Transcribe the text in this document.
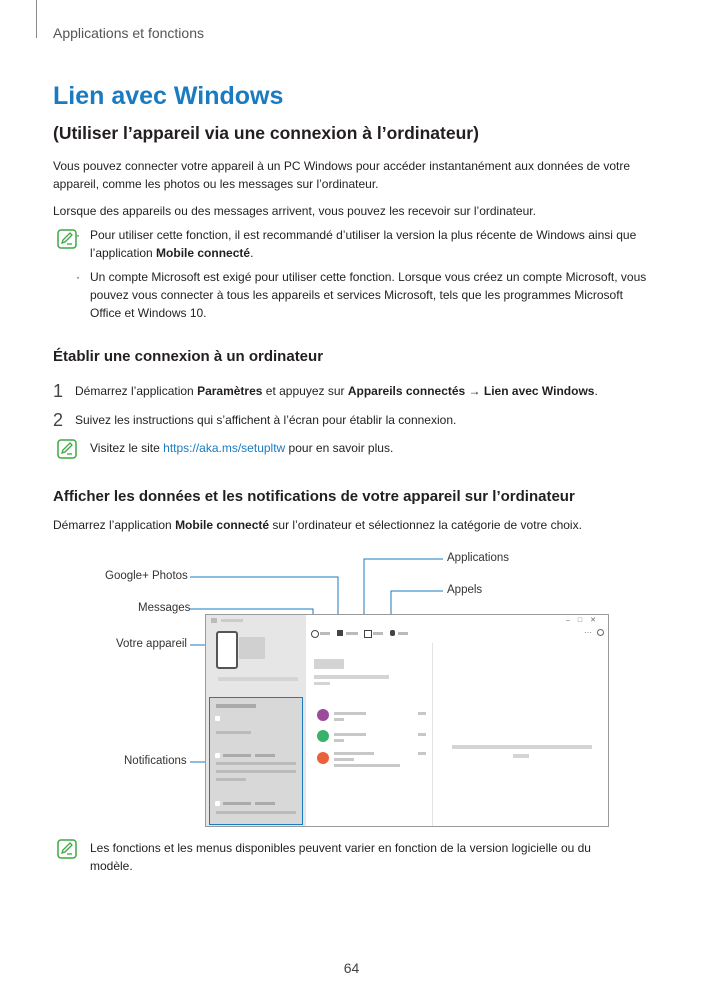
Applications et fonctions
Lien avec Windows
(Utiliser l’appareil via une connexion à l’ordinateur)
Vous pouvez connecter votre appareil à un PC Windows pour accéder instantanément aux données de votre appareil, comme les photos ou les messages sur l’ordinateur.
Lorsque des appareils ou des messages arrivent, vous pouvez les recevoir sur l’ordinateur.
· Pour utiliser cette fonction, il est recommandé d’utiliser la version la plus récente de Windows ainsi que l’application Mobile connecté.
· Un compte Microsoft est exigé pour utiliser cette fonction. Lorsque vous créez un compte Microsoft, vous pouvez vous connecter à tous les appareils et services Microsoft, tels que les programmes Microsoft Office et Windows 10.
Établir une connexion à un ordinateur
1 Démarrez l’application Paramètres et appuyez sur Appareils connectés → Lien avec Windows.
2 Suivez les instructions qui s’affichent à l’écran pour établir la connexion.
Visitez le site https://aka.ms/setupltw pour en savoir plus.
Afficher les données et les notifications de votre appareil sur l’ordinateur
Démarrez l’application Mobile connecté sur l’ordinateur et sélectionnez la catégorie de votre choix.
Applications
Google+ Photos
Appels
Messages
Votre appareil
Notifications
–□✕
···
Les fonctions et les menus disponibles peuvent varier en fonction de la version logicielle ou du modèle.
64
